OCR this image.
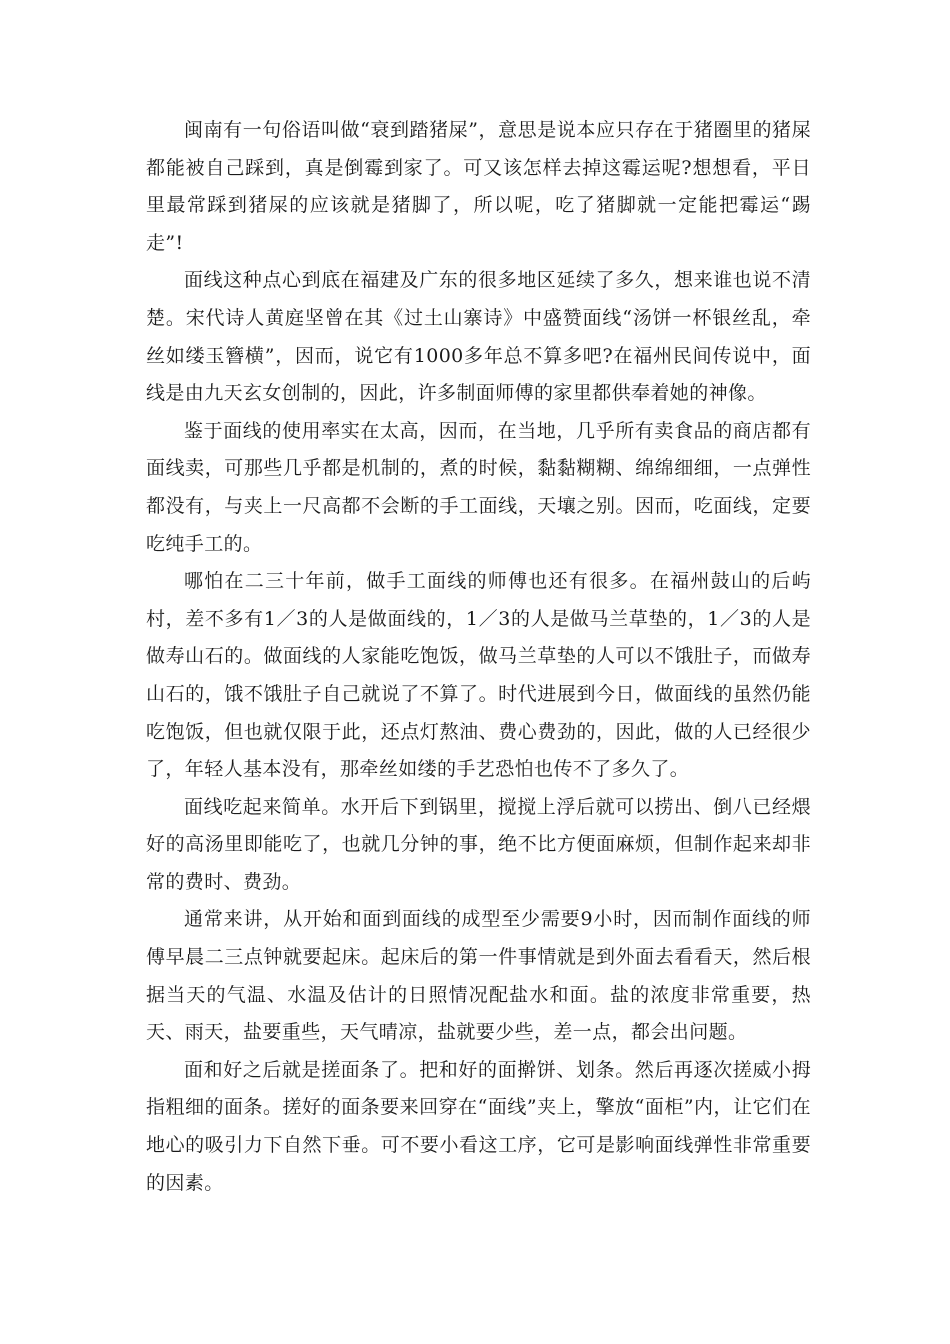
闽南有一句俗语叫做“衰到踏猪屎”，意思是说本应只存在于猪圈里的猪屎都能被自己踩到，真是倒霉到家了。可又该怎样去掉这霉运呢?想想看，平日里最常踩到猪屎的应该就是猪脚了，所以呢，吃了猪脚就一定能把霉运“踢走”!

面线这种点心到底在福建及广东的很多地区延续了多久，想来谁也说不清楚。宋代诗人黄庭坚曾在其《过土山寨诗》中盛赞面线“汤饼一杯银丝乱，牵丝如缕玉簪横”，因而，说它有1000多年总不算多吧?在福州民间传说中，面线是由九天玄女创制的，因此，许多制面师傅的家里都供奉着她的神像。

鉴于面线的使用率实在太高，因而，在当地，几乎所有卖食品的商店都有面线卖，可那些几乎都是机制的，煮的时候，黏黏糊糊、绵绵细细，一点弹性都没有，与夹上一尺高都不会断的手工面线，天壤之别。因而，吃面线，定要吃纯手工的。

哪怕在二三十年前，做手工面线的师傅也还有很多。在福州鼓山的后屿村，差不多有1／3的人是做面线的，1／3的人是做马兰草垫的，1／3的人是做寿山石的。做面线的人家能吃饱饭，做马兰草垫的人可以不饿肚子，而做寿山石的，饿不饿肚子自己就说了不算了。时代进展到今日，做面线的虽然仍能吃饱饭，但也就仅限于此，还点灯熬油、费心费劲的，因此，做的人已经很少了，年轻人基本没有，那牵丝如缕的手艺恐怕也传不了多久了。

面线吃起来简单。水开后下到锅里，搅搅上浮后就可以捞出、倒八已经煨好的高汤里即能吃了，也就几分钟的事，绝不比方便面麻烦，但制作起来却非常的费时、费劲。

通常来讲，从开始和面到面线的成型至少需要9小时，因而制作面线的师傅早晨二三点钟就要起床。起床后的第一件事情就是到外面去看看天，然后根据当天的气温、水温及估计的日照情况配盐水和面。盐的浓度非常重要，热天、雨天，盐要重些，天气晴凉，盐就要少些，差一点，都会出问题。

面和好之后就是搓面条了。把和好的面擀饼、划条。然后再逐次搓威小拇指粗细的面条。搓好的面条要来回穿在“面线”夹上，擎放“面柜”内，让它们在地心的吸引力下自然下垂。可不要小看这工序，它可是影响面线弹性非常重要的因素。
